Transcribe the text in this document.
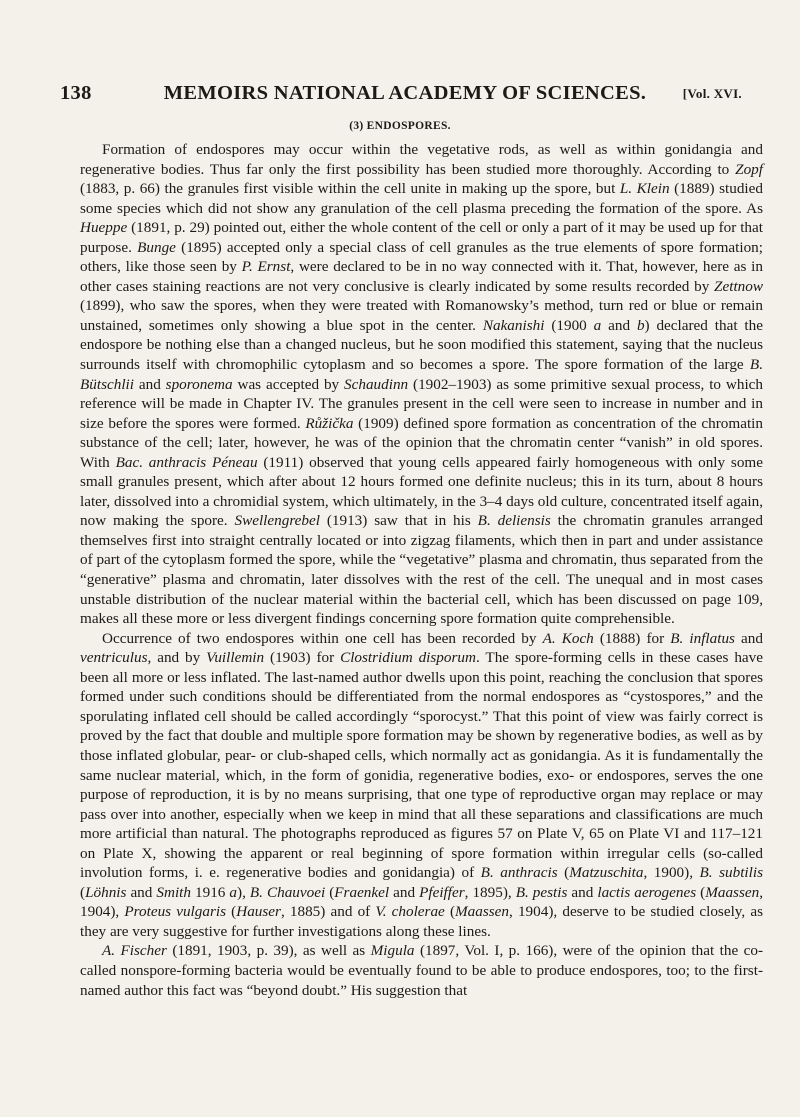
138	MEMOIRS NATIONAL ACADEMY OF SCIENCES.	[Vol. XVI.
(3) ENDOSPORES.

Formation of endospores may occur within the vegetative rods, as well as within gonidangia and regenerative bodies. Thus far only the first possibility has been studied more thoroughly. According to Zopf (1883, p. 66) the granules first visible within the cell unite in making up the spore, but L. Klein (1889) studied some species which did not show any granulation of the cell plasma preceding the formation of the spore. As Hueppe (1891, p. 29) pointed out, either the whole content of the cell or only a part of it may be used up for that purpose. Bunge (1895) accepted only a special class of cell granules as the true elements of spore formation; others, like those seen by P. Ernst, were declared to be in no way connected with it. That, however, here as in other cases staining reactions are not very conclusive is clearly indicated by some results recorded by Zettnow (1899), who saw the spores, when they were treated with Romanowsky’s method, turn red or blue or remain unstained, sometimes only showing a blue spot in the center. Nakanishi (1900 a and b) declared that the endospore be nothing else than a changed nucleus, but he soon modified this statement, saying that the nucleus surrounds itself with chromophilic cytoplasm and so becomes a spore. The spore formation of the large B. Bütschlii and sporonema was accepted by Schaudinn (1902–1903) as some primitive sexual process, to which reference will be made in Chapter IV. The granules present in the cell were seen to increase in number and in size before the spores were formed. Růžička (1909) defined spore formation as concentration of the chromatin substance of the cell; later, however, he was of the opinion that the chromatin center “vanish” in old spores. With Bac. anthracis Péneau (1911) observed that young cells appeared fairly homogeneous with only some small granules present, which after about 12 hours formed one definite nucleus; this in its turn, about 8 hours later, dissolved into a chromidial system, which ultimately, in the 3–4 days old culture, concentrated itself again, now making the spore. Swellengrebel (1913) saw that in his B. deliensis the chromatin granules arranged themselves first into straight centrally located or into zigzag filaments, which then in part and under assistance of part of the cytoplasm formed the spore, while the “vegetative” plasma and chromatin, thus separated from the “generative” plasma and chromatin, later dissolves with the rest of the cell. The unequal and in most cases unstable distribution of the nuclear material within the bacterial cell, which has been discussed on page 109, makes all these more or less divergent findings concerning spore formation quite comprehensible.

Occurrence of two endospores within one cell has been recorded by A. Koch (1888) for B. inflatus and ventriculus, and by Vuillemin (1903) for Clostridium disporum. The spore-forming cells in these cases have been all more or less inflated. The last-named author dwells upon this point, reaching the conclusion that spores formed under such conditions should be differentiated from the normal endospores as “cystospores,” and the sporulating inflated cell should be called accordingly “sporocyst.” That this point of view was fairly correct is proved by the fact that double and multiple spore formation may be shown by regenerative bodies, as well as by those inflated globular, pear- or club-shaped cells, which normally act as gonidangia. As it is fundamentally the same nuclear material, which, in the form of gonidia, regenerative bodies, exo- or endospores, serves the one purpose of reproduction, it is by no means surprising, that one type of reproductive organ may replace or may pass over into another, especially when we keep in mind that all these separations and classifications are much more artificial than natural. The photographs reproduced as figures 57 on Plate V, 65 on Plate VI and 117–121 on Plate X, showing the apparent or real beginning of spore formation within irregular cells (so-called involution forms, i. e. regenerative bodies and gonidangia) of B. anthracis (Matzuschita, 1900), B. subtilis (Löhnis and Smith 1916 a), B. Chauvoei (Fraenkel and Pfeiffer, 1895), B. pestis and lactis aerogenes (Maassen, 1904), Proteus vulgaris (Hauser, 1885) and of V. cholerae (Maassen, 1904), deserve to be studied closely, as they are very suggestive for further investigations along these lines.

A. Fischer (1891, 1903, p. 39), as well as Migula (1897, Vol. I, p. 166), were of the opinion that the co-called nonspore-forming bacteria would be eventually found to be able to produce endospores, too; to the first-named author this fact was “beyond doubt.” His suggestion that
